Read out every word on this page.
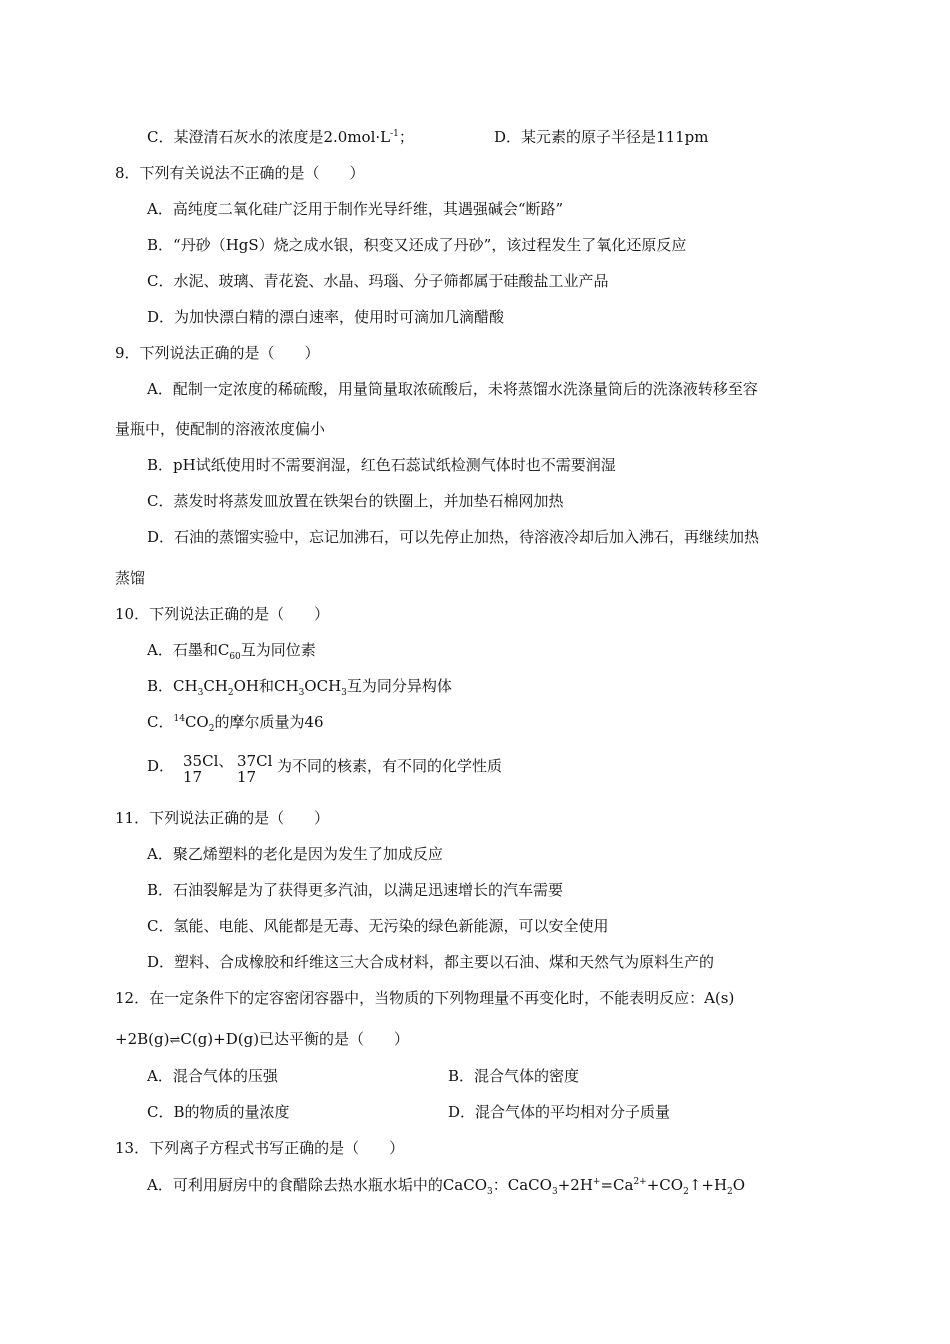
C．某澄清石灰水的浓度是$2.0mol\cdot L^{-1}$；	D．某元素的原子半径是111pm
8．下列有关说法不正确的是（　　）
A．高纯度二氧化硅广泛用于制作光导纤维，其遇强碱会“断路”
B．“丹砂（HgS）烧之成水银，积变又还成了丹砂”，该过程发生了氧化还原反应
C．水泥、玻璃、青花瓷、水晶、玛瑙、分子筛都属于硅酸盐工业产品
D．为加快漂白精的漂白速率，使用时可滴加几滴醋酸
9．下列说法正确的是（　　）
A．配制一定浓度的稀硫酸，用量筒量取浓硫酸后，未将蒸馏水洗涤量筒后的洗涤液转移至容
量瓶中，使配制的溶液浓度偏小
B．pH试纸使用时不需要润湿，红色石蕊试纸检测气体时也不需要润湿
C．蒸发时将蒸发皿放置在铁架台的铁圈上，并加垫石棉网加热
D．石油的蒸馏实验中，忘记加沸石，可以先停止加热，待溶液冷却后加入沸石，再继续加热
蒸馏
10．下列说法正确的是（　　）
A．石墨和$C_{60}$互为同位素
B．$CH_3CH_2OH$和$CH_3OCH_3$互为同分异构体
C．$^{14}CO_2$的摩尔质量为46
D． 35Cl、
17
37Cl
17
为不同的核素，有不同的化学性质
11．下列说法正确的是（　　）
A．聚乙烯塑料的老化是因为发生了加成反应
B．石油裂解是为了获得更多汽油，以满足迅速增长的汽车需要
C．氢能、电能、风能都是无毒、无污染的绿色新能源，可以安全使用
D．塑料、合成橡胶和纤维这三大合成材料，都主要以石油、煤和天然气为原料生产的
12．在一定条件下的定容密闭容器中，当物质的下列物理量不再变化时，不能表明反应：A(s)
+2B(g)⇌C(g)+D(g)已达平衡的是（　　）
A．混合气体的压强	B．混合气体的密度
C．B的物质的量浓度	D．混合气体的平均相对分子质量
13．下列离子方程式书写正确的是（　　）
A．可利用厨房中的食醋除去热水瓶水垢中的CaCO$_3$：$CaCO_3+2H^+=Ca^{2+}+CO_2↑+H_2O$
